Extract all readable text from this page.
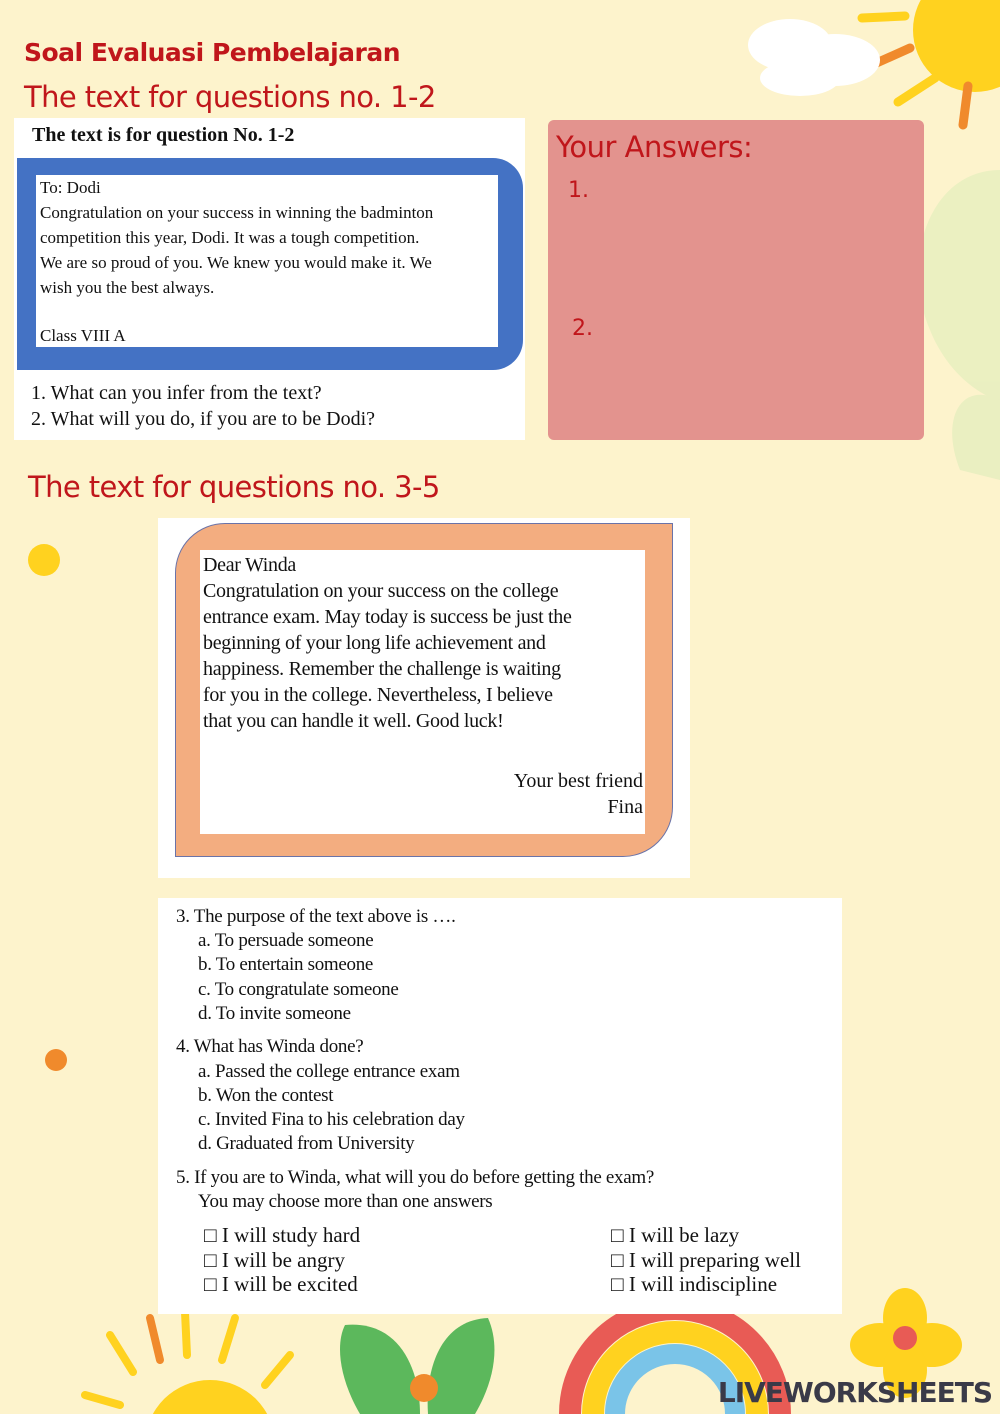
Soal Evaluasi Pembelajaran
The text for questions no. 1-2
The text is for question No. 1-2
To: Dodi
Congratulation on your success in winning the badminton
competition this year, Dodi. It was a tough competition.
We are so proud of you. We knew you would make it. We
wish you the best always.
Class VIII A
1. What can you infer from the text?
2. What will you do, if you are to be Dodi?
Your Answers:
1.
2.
The text for questions no. 3-5
Dear Winda
Congratulation on your success on the college
entrance exam. May today is success be just the
beginning of your long life achievement and
happiness. Remember the challenge is waiting
for you in the college. Nevertheless, I believe
that you can handle it well. Good luck!
Your best friend
Fina
3. The purpose of the text above is ….
a. To persuade someone
b. To entertain someone
c. To congratulate someone
d. To invite someone
4. What has Winda done?
a. Passed the college entrance exam
b. Won the contest
c. Invited Fina to his celebration day
d. Graduated from University
5. If you are to Winda, what will you do before getting the exam?
You may choose more than one answers
□ I will study hard
□ I will be angry
□ I will be excited
□ I will be lazy
□ I will preparing well
□ I will indiscipline
LIVEWORKSHEETS
